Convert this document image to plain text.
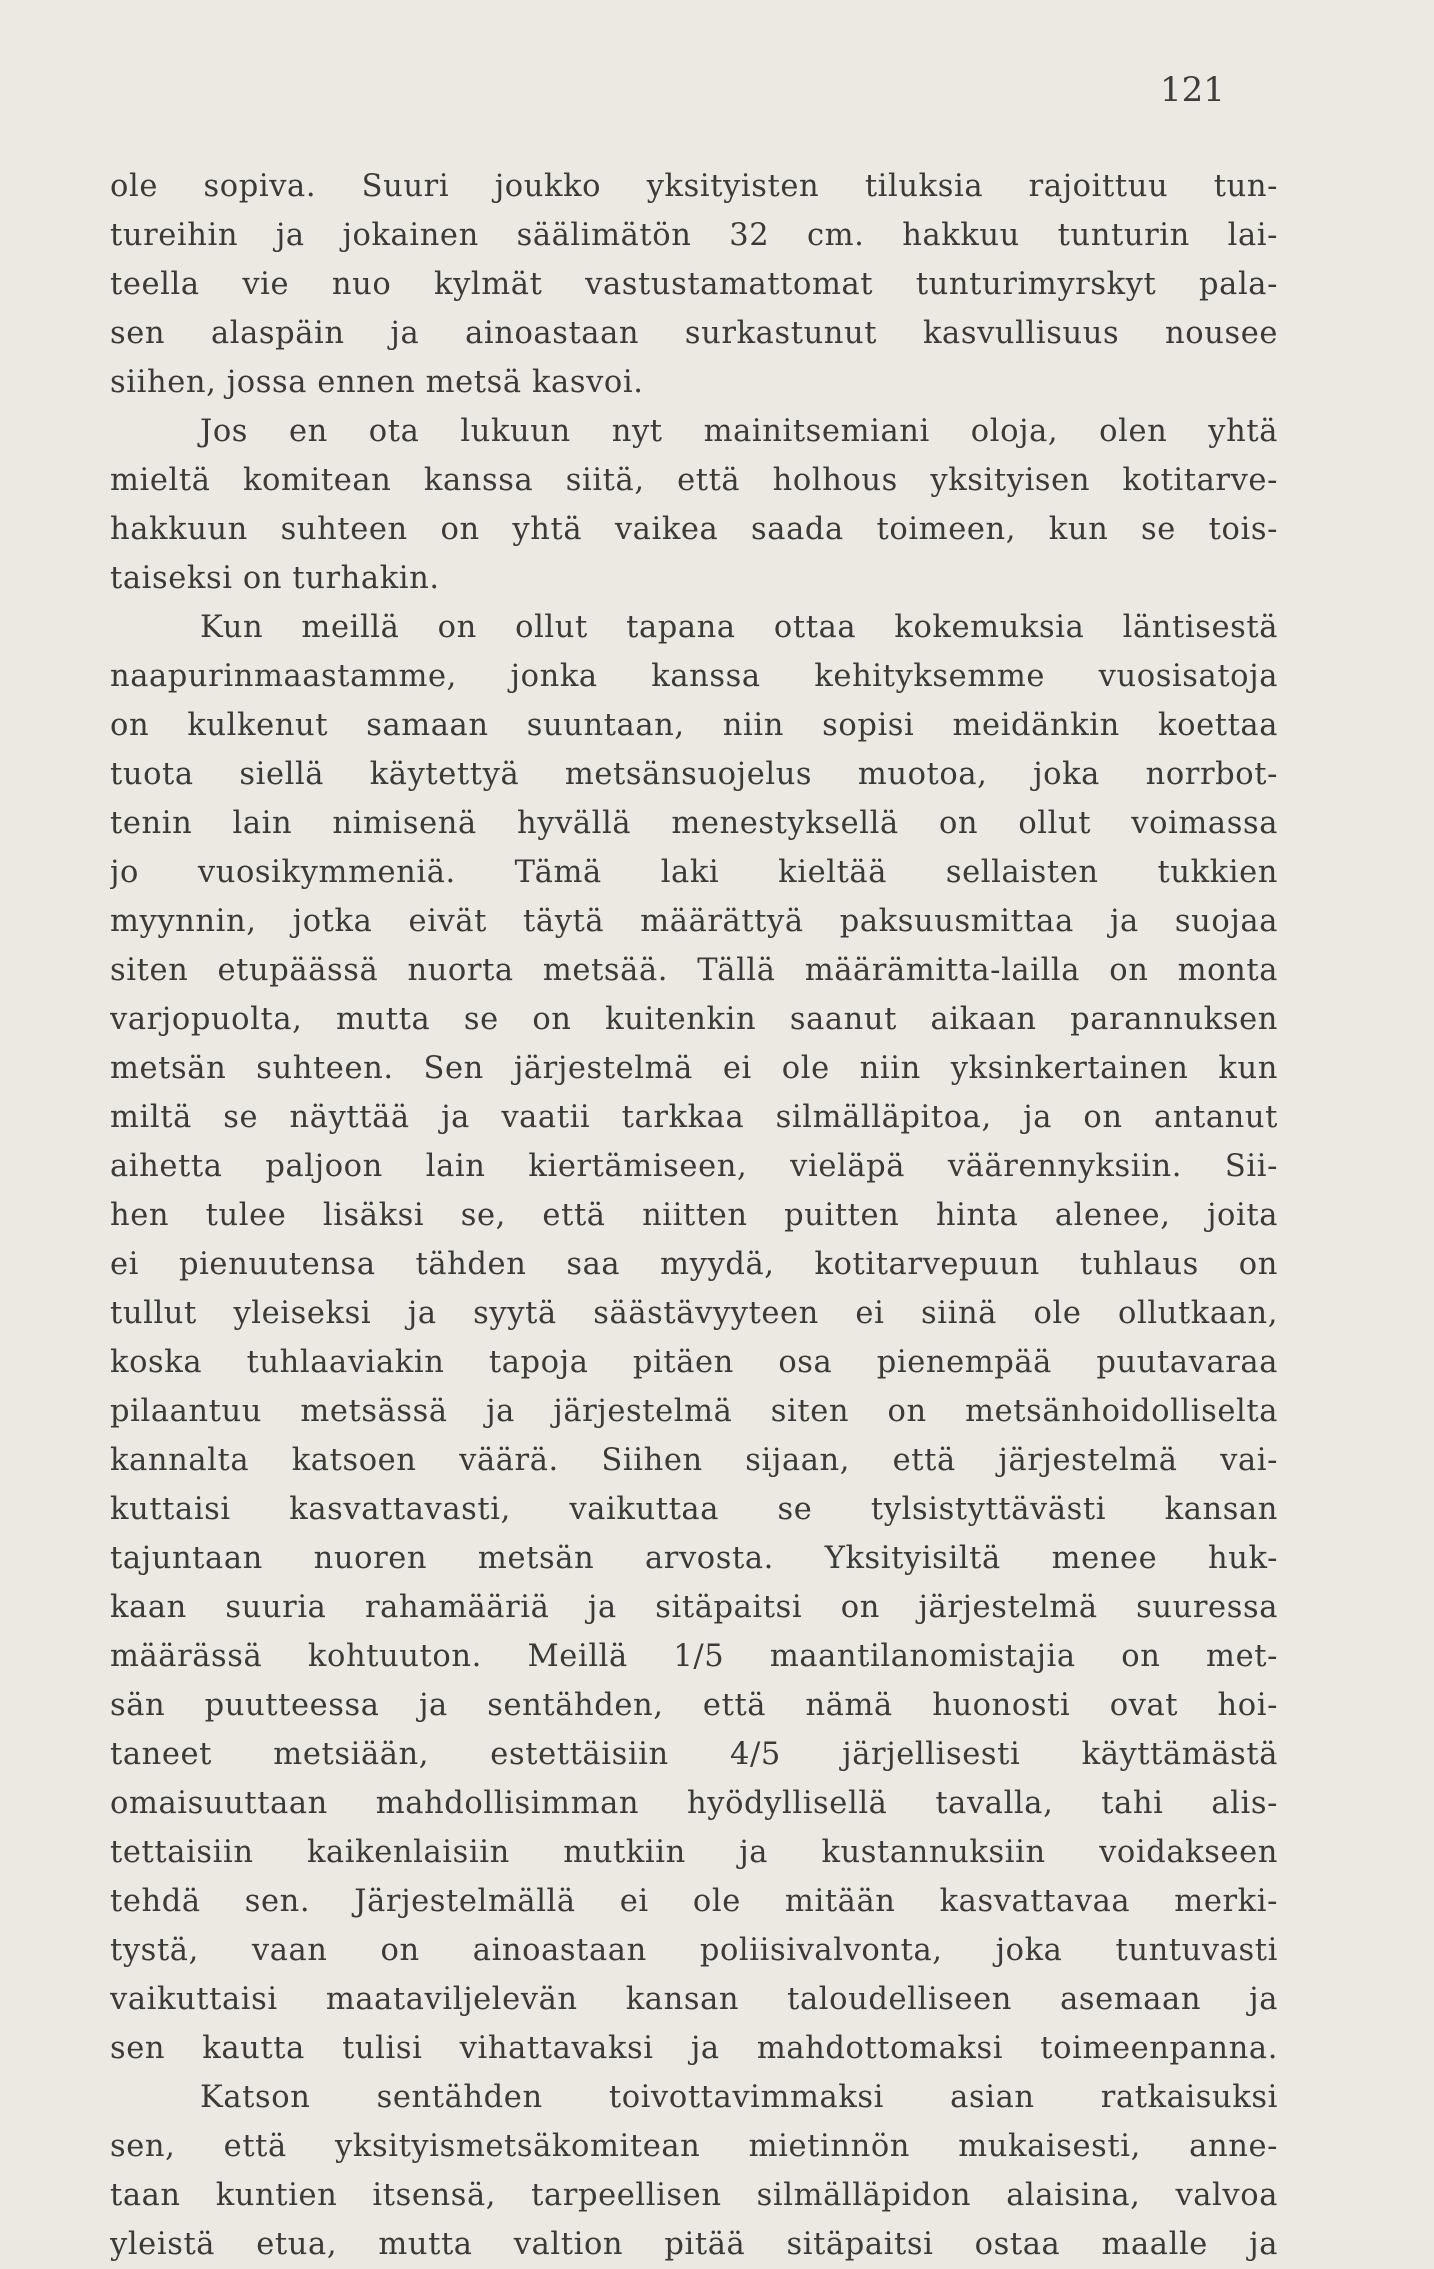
121
ole sopiva. Suuri joukko yksityisten tiluksia rajoittuu tun-
tureihin ja jokainen säälimätön 32 cm. hakkuu tunturin lai-
teella vie nuo kylmät vastustamattomat tunturimyrskyt pala-
sen alaspäin ja ainoastaan surkastunut kasvullisuus nousee
siihen, jossa ennen metsä kasvoi.
Jos en ota lukuun nyt mainitsemiani oloja, olen yhtä
mieltä komitean kanssa siitä, että holhous yksityisen kotitarve-
hakkuun suhteen on yhtä vaikea saada toimeen, kun se tois-
taiseksi on turhakin.
Kun meillä on ollut tapana ottaa kokemuksia läntisestä
naapurinmaastamme, jonka kanssa kehityksemme vuosisatoja
on kulkenut samaan suuntaan, niin sopisi meidänkin koettaa
tuota siellä käytettyä metsänsuojelus muotoa, joka norrbot-
tenin lain nimisenä hyvällä menestyksellä on ollut voimassa
jo vuosikymmeniä. Tämä laki kieltää sellaisten tukkien
myynnin, jotka eivät täytä määrättyä paksuusmittaa ja suojaa
siten etupäässä nuorta metsää. Tällä määrämitta-lailla on monta
varjopuolta, mutta se on kuitenkin saanut aikaan parannuksen
metsän suhteen. Sen järjestelmä ei ole niin yksinkertainen kun
miltä se näyttää ja vaatii tarkkaa silmälläpitoa, ja on antanut
aihetta paljoon lain kiertämiseen, vieläpä väärennyksiin. Sii-
hen tulee lisäksi se, että niitten puitten hinta alenee, joita
ei pienuutensa tähden saa myydä, kotitarvepuun tuhlaus on
tullut yleiseksi ja syytä säästävyyteen ei siinä ole ollutkaan,
koska tuhlaaviakin tapoja pitäen osa pienempää puutavaraa
pilaantuu metsässä ja järjestelmä siten on metsänhoidolliselta
kannalta katsoen väärä. Siihen sijaan, että järjestelmä vai-
kuttaisi kasvattavasti, vaikuttaa se tylsistyttävästi kansan
tajuntaan nuoren metsän arvosta. Yksityisiltä menee huk-
kaan suuria rahamääriä ja sitäpaitsi on järjestelmä suuressa
määrässä kohtuuton. Meillä 1/5 maantilanomistajia on met-
sän puutteessa ja sentähden, että nämä huonosti ovat hoi-
taneet metsiään, estettäisiin 4/5 järjellisesti käyttämästä
omaisuuttaan mahdollisimman hyödyllisellä tavalla, tahi alis-
tettaisiin kaikenlaisiin mutkiin ja kustannuksiin voidakseen
tehdä sen. Järjestelmällä ei ole mitään kasvattavaa merki-
tystä, vaan on ainoastaan poliisivalvonta, joka tuntuvasti
vaikuttaisi maataviljelevän kansan taloudelliseen asemaan ja
sen kautta tulisi vihattavaksi ja mahdottomaksi toimeenpanna.
Katson sentähden toivottavimmaksi asian ratkaisuksi
sen, että yksityismetsäkomitean mietinnön mukaisesti, anne-
taan kuntien itsensä, tarpeellisen silmälläpidon alaisina, valvoa
yleistä etua, mutta valtion pitää sitäpaitsi ostaa maalle ja
